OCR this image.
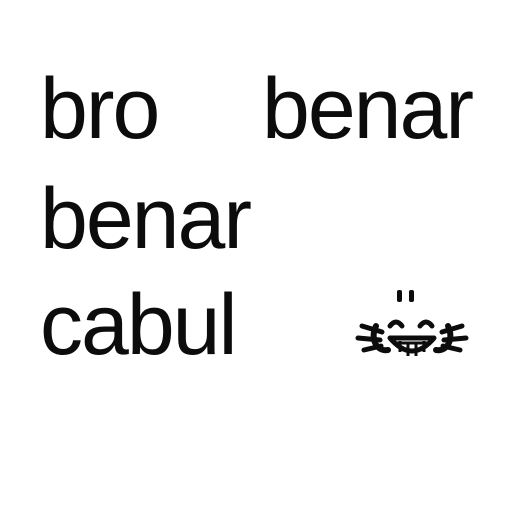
bro benar
benar
cabul
